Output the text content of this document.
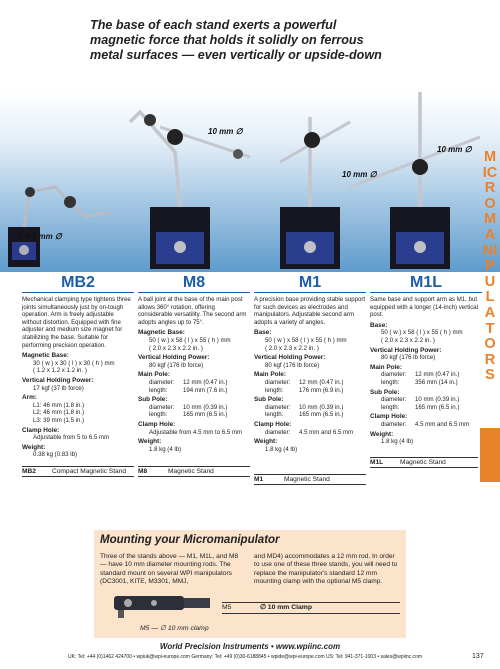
The base of each stand exerts a powerful magnetic force that holds it solidly on ferrous metal surfaces — even vertically or upside-down
10 mm ∅
10 mm ∅
10 mm ∅
5-6.5 mm ∅
MICROMANIPULATORS
MB2
Mechanical clamping type tightens three joints simultaneously just by on-tough operation. Arm is freely adjustable without distortion. Equipped with fine adjuster and medium size magnet for stabilizing the base. Suitable for performing precision operation.
Magnetic Base:
30 ( w ) x 30 ( l ) x 30 ( h ) mm
( 1.2 x 1.2 x 1.2 in. )
Vertical Holding Power:
17 kgf (37 lb force)
Arm:
L1: 46 mm (1.8 in.)
L2: 46 mm (1.8 in.)
L3: 39 mm (1.5 in.)
Clamp Hole:
Adjustable from 5 to 6.5 mm
Weight:
0.38 kg (0.83 lb)
M8
A ball joint at the base of the main post allows 360° rotation, offering considerable versatility. The second arm adopts angles up to 75°.
Magnetic Base:
50 ( w ) x 58 ( l ) x 55 ( h ) mm
( 2.0 x 2.3 x 2.2 in. )
Vertical Holding Power:
80 kgf (176 lb force)
Main Pole:
diameter:	12 mm (0.47 in.)
length:	194 mm (7.6 in.)
Sub Pole:
diameter:	10 mm (0.39 in.)
length:	165 mm (6.5 in.)
Clamp Hole:
Adjustable from 4.5 mm to 6.5 mm
Weight:
1.8 kg (4 lb)
M1
A precision base providing stable support for such devices as electrodes and manipulators. Adjustable second arm adopts a variety of angles.
Base:
50 ( w ) x 58 ( l ) x 55 ( h ) mm
( 2.0 x 2.3 x 2.2 in. )
Vertical Holding Power:
80 kgf (176 lb force)
Main Pole:
diameter:	12 mm (0.47 in.)
length:	176 mm (6.9 in.)
Sub Pole:
diameter:	10 mm (0.39 in.)
length:	165 mm (6.5 in.)
Clamp Hole:
diameter:	4.5 mm and 6.5 mm
Weight:
1.8 kg (4 lb)
M1L
Same base and support arm as M1, but equipped with a longer (14-inch) vertical post.
Base:
50 ( w ) x 58 ( l ) x 55 ( h ) mm
( 2.0 x 2.3 x 2.2 in. )
Vertical Holding Power:
80 kgf (176 lb force)
Main Pole:
diameter:	12 mm (0.47 in.)
length:	356 mm (14 in.)
Sub Pole:
diameter:	10 mm (0.39 in.)
length:	165 mm (6.5 in.)
Clamp Hole:
diameter:	4.5 mm and 6.5 mm
Weight:
1.8 kg (4 lb)
MB2 Compact Magnetic Stand	M8	Magnetic Stand
M1	Magnetic Stand
M1L	Magnetic Stand
Mounting your Micromanipulator
Three of the stands above — M1, M1L, and M8 — have 10 mm diameter mounting rods. The standard mount on several WPI manipulators (DC3001, KITE, M3301, MMJ,
and MD4) accommodates a 12 mm rod. In order to use one of these three stands, you will need to replace the manipulator's standard 12 mm mounting clamp with the optional M5 clamp.
M5	∅ 10 mm Clamp
M5 — ∅ 10 mm clamp
World Precision Instruments • www.wpiinc.com
UK: Tel: +44 (0)1462 424700 • wpiuk@wpi-europe.com Germany: Tel: +49 (0)30-6188845 • wpide@wpi-europe.com US: Tel: 941-371-1003 • sales@wpiinc.com	137
